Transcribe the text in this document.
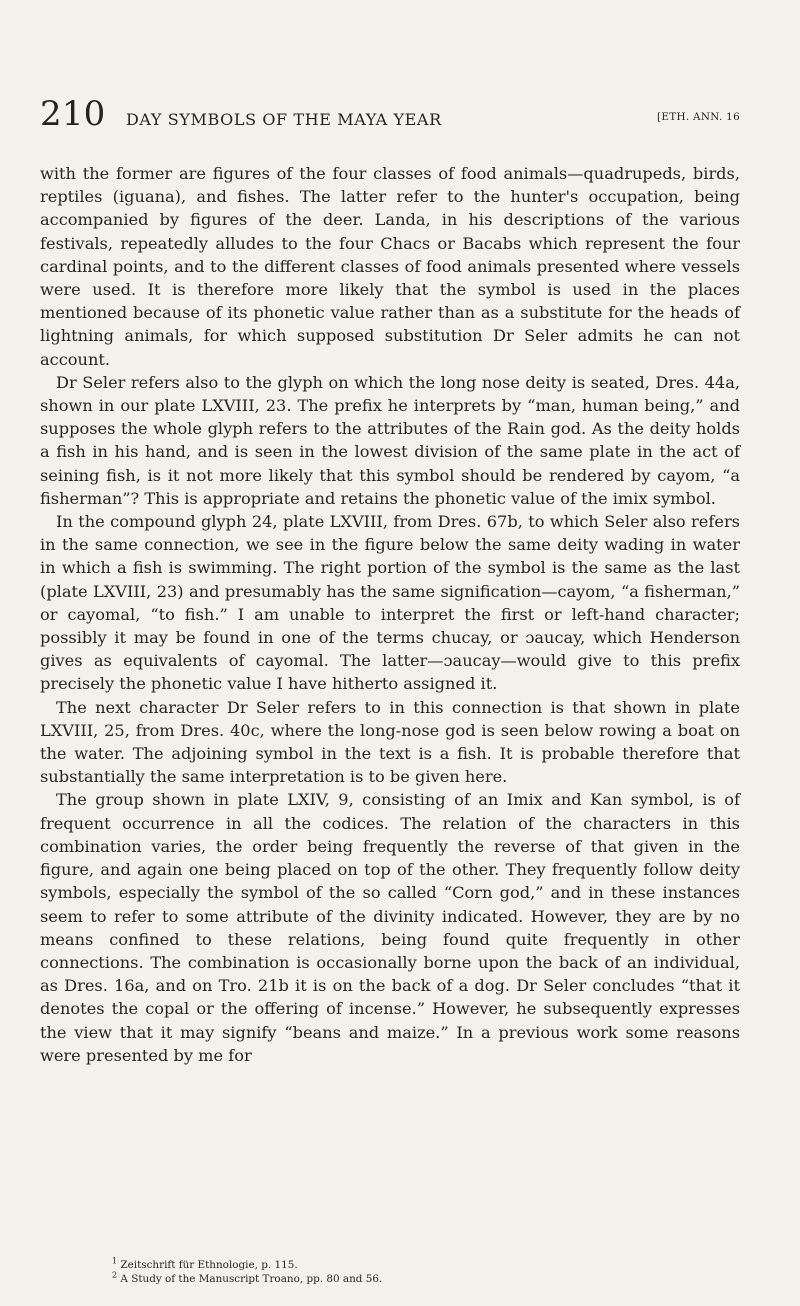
210 DAY SYMBOLS OF THE MAYA YEAR	[ETH. ANN. 16

with the former are figures of the four classes of food animals—quadrupeds, birds, reptiles (iguana), and fishes. The latter refer to the hunter's occupation, being accompanied by figures of the deer. Landa, in his descriptions of the various festivals, repeatedly alludes to the four Chacs or Bacabs which represent the four cardinal points, and to the different classes of food animals presented where vessels were used. It is therefore more likely that the symbol is used in the places mentioned because of its phonetic value rather than as a substitute for the heads of lightning animals, for which supposed substitution Dr Seler admits he can not account.

Dr Seler refers also to the glyph on which the long nose deity is seated, Dres. 44a, shown in our plate LXVIII, 23. The prefix he interprets by “man, human being,” and supposes the whole glyph refers to the attributes of the Rain god. As the deity holds a fish in his hand, and is seen in the lowest division of the same plate in the act of seining fish, is it not more likely that this symbol should be rendered by cayom, “a fisherman”? This is appropriate and retains the phonetic value of the imix symbol.

In the compound glyph 24, plate LXVIII, from Dres. 67b, to which Seler also refers in the same connection, we see in the figure below the same deity wading in water in which a fish is swimming. The right portion of the symbol is the same as the last (plate LXVIII, 23) and presumably has the same signification—cayom, “a fisherman,” or cayomal, “to fish.” I am unable to interpret the first or left-hand character; possibly it may be found in one of the terms chucay, or ɔaucay, which Henderson gives as equivalents of cayomal. The latter—ɔaucay—would give to this prefix precisely the phonetic value I have hitherto assigned it.

The next character Dr Seler refers to in this connection is that shown in plate LXVIII, 25, from Dres. 40c, where the long-nose god is seen below rowing a boat on the water. The adjoining symbol in the text is a fish. It is probable therefore that substantially the same interpretation is to be given here.

The group shown in plate LXIV, 9, consisting of an Imix and Kan symbol, is of frequent occurrence in all the codices. The relation of the characters in this combination varies, the order being frequently the reverse of that given in the figure, and again one being placed on top of the other. They frequently follow deity symbols, especially the symbol of the so called “Corn god,” and in these instances seem to refer to some attribute of the divinity indicated. However, they are by no means confined to these relations, being found quite frequently in other connections. The combination is occasionally borne upon the back of an individual, as Dres. 16a, and on Tro. 21b it is on the back of a dog. Dr Seler concludes “that it denotes the copal or the offering of incense.” However, he subsequently expresses the view that it may signify “beans and maize.” In a previous work some reasons were presented by me for

$^1$ Zeitschrift für Ethnologie, p. 115.
$^2$ A Study of the Manuscript Troano, pp. 80 and 56.
